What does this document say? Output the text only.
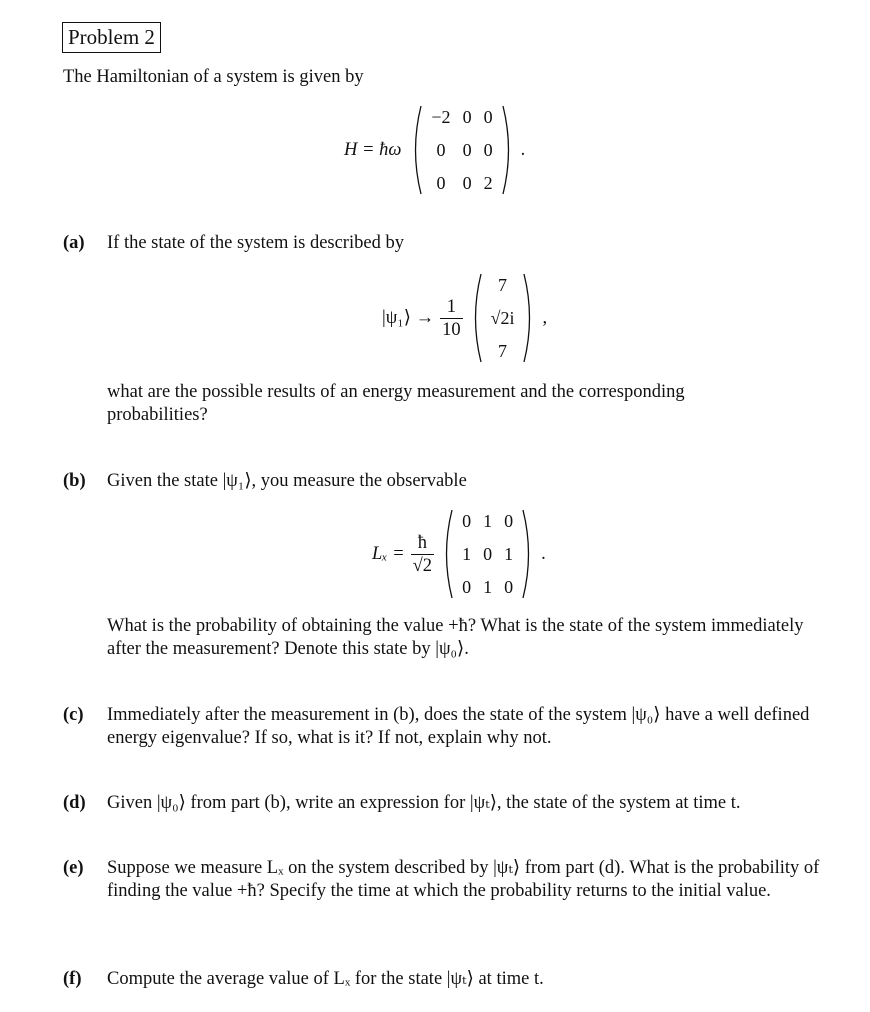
Problem 2
The Hamiltonian of a system is given by
H = ħω
−2	0	0
0	0	0
0	0	2
.
(a) If the state of the system is described by
|ψ₁⟩ → $\frac{1}{10}$
7
√2i
7
,
what are the possible results of an energy measurement and the corresponding probabilities?
(b) Given the state |ψ₁⟩, you measure the observable
$L_x = \frac{ħ}{√2}$
0	1	0
1	0	1
0	1	0
.
What is the probability of obtaining the value +ħ? What is the state of the system immediately after the measurement? Denote this state by |ψ₀⟩.
(c) Immediately after the measurement in (b), does the state of the system |ψ₀⟩ have a well defined energy eigenvalue? If so, what is it? If not, explain why not.
(d) Given |ψ₀⟩ from part (b), write an expression for |ψₜ⟩, the state of the system at time t.
(e) Suppose we measure Lₓ on the system described by |ψₜ⟩ from part (d). What is the probability of finding the value +ħ? Specify the time at which the probability returns to the initial value.
(f) Compute the average value of Lₓ for the state |ψₜ⟩ at time t.
